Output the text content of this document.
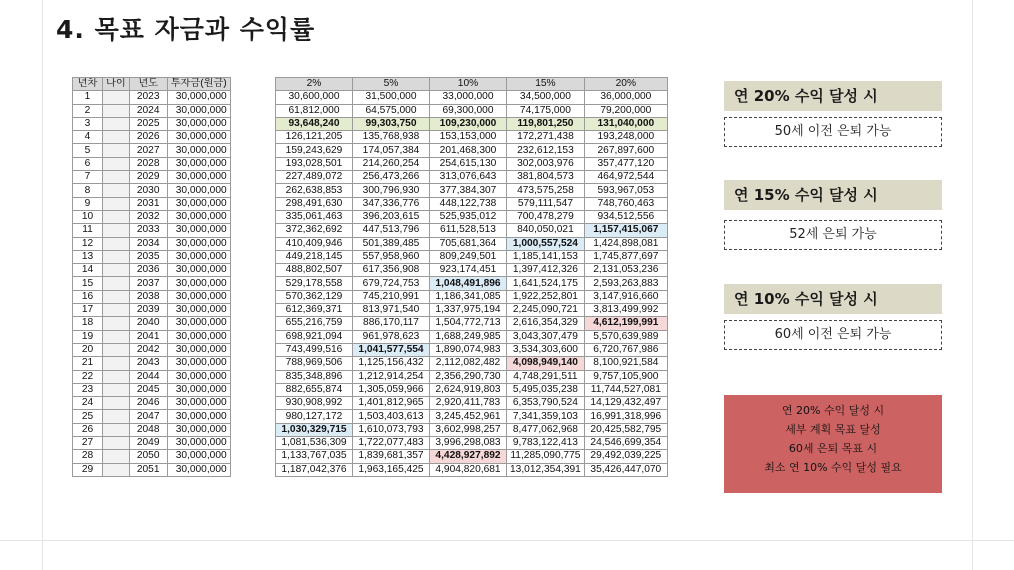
4. 목표 자금과 수익률
년차	나이	년도	투자금(원금)
1		2023	30,000,000
2		2024	30,000,000
3		2025	30,000,000
4		2026	30,000,000
5		2027	30,000,000
6		2028	30,000,000
7		2029	30,000,000
8		2030	30,000,000
9		2031	30,000,000
10		2032	30,000,000
11		2033	30,000,000
12		2034	30,000,000
13		2035	30,000,000
14		2036	30,000,000
15		2037	30,000,000
16		2038	30,000,000
17		2039	30,000,000
18		2040	30,000,000
19		2041	30,000,000
20		2042	30,000,000
21		2043	30,000,000
22		2044	30,000,000
23		2045	30,000,000
24		2046	30,000,000
25		2047	30,000,000
26		2048	30,000,000
27		2049	30,000,000
28		2050	30,000,000
29		2051	30,000,000
2%	5%	10%	15%	20%
30,600,000	31,500,000	33,000,000	34,500,000	36,000,000
61,812,000	64,575,000	69,300,000	74,175,000	79,200,000
93,648,240	99,303,750	109,230,000	119,801,250	131,040,000
126,121,205	135,768,938	153,153,000	172,271,438	193,248,000
159,243,629	174,057,384	201,468,300	232,612,153	267,897,600
193,028,501	214,260,254	254,615,130	302,003,976	357,477,120
227,489,072	256,473,266	313,076,643	381,804,573	464,972,544
262,638,853	300,796,930	377,384,307	473,575,258	593,967,053
298,491,630	347,336,776	448,122,738	579,111,547	748,760,463
335,061,463	396,203,615	525,935,012	700,478,279	934,512,556
372,362,692	447,513,796	611,528,513	840,050,021	1,157,415,067
410,409,946	501,389,485	705,681,364	1,000,557,524	1,424,898,081
449,218,145	557,958,960	809,249,501	1,185,141,153	1,745,877,697
488,802,507	617,356,908	923,174,451	1,397,412,326	2,131,053,236
529,178,558	679,724,753	1,048,491,896	1,641,524,175	2,593,263,883
570,362,129	745,210,991	1,186,341,085	1,922,252,801	3,147,916,660
612,369,371	813,971,540	1,337,975,194	2,245,090,721	3,813,499,992
655,216,759	886,170,117	1,504,772,713	2,616,354,329	4,612,199,991
698,921,094	961,978,623	1,688,249,985	3,043,307,479	5,570,639,989
743,499,516	1,041,577,554	1,890,074,983	3,534,303,600	6,720,767,986
788,969,506	1,125,156,432	2,112,082,482	4,098,949,140	8,100,921,584
835,348,896	1,212,914,254	2,356,290,730	4,748,291,511	9,757,105,900
882,655,874	1,305,059,966	2,624,919,803	5,495,035,238	11,744,527,081
930,908,992	1,401,812,965	2,920,411,783	6,353,790,524	14,129,432,497
980,127,172	1,503,403,613	3,245,452,961	7,341,359,103	16,991,318,996
1,030,329,715	1,610,073,793	3,602,998,257	8,477,062,968	20,425,582,795
1,081,536,309	1,722,077,483	3,996,298,083	9,783,122,413	24,546,699,354
1,133,767,035	1,839,681,357	4,428,927,892	11,285,090,775	29,492,039,225
1,187,042,376	1,963,165,425	4,904,820,681	13,012,354,391	35,426,447,070
연 20% 수익 달성 시
50세 이전 은퇴 가능
연 15% 수익 달성 시
52세 은퇴 가능
연 10% 수익 달성 시
60세 이전 은퇴 가능
연 20% 수익 달성 시
세부 계획 목표 달성
60세 은퇴 목표 시
최소 연 10% 수익 달성 필요
